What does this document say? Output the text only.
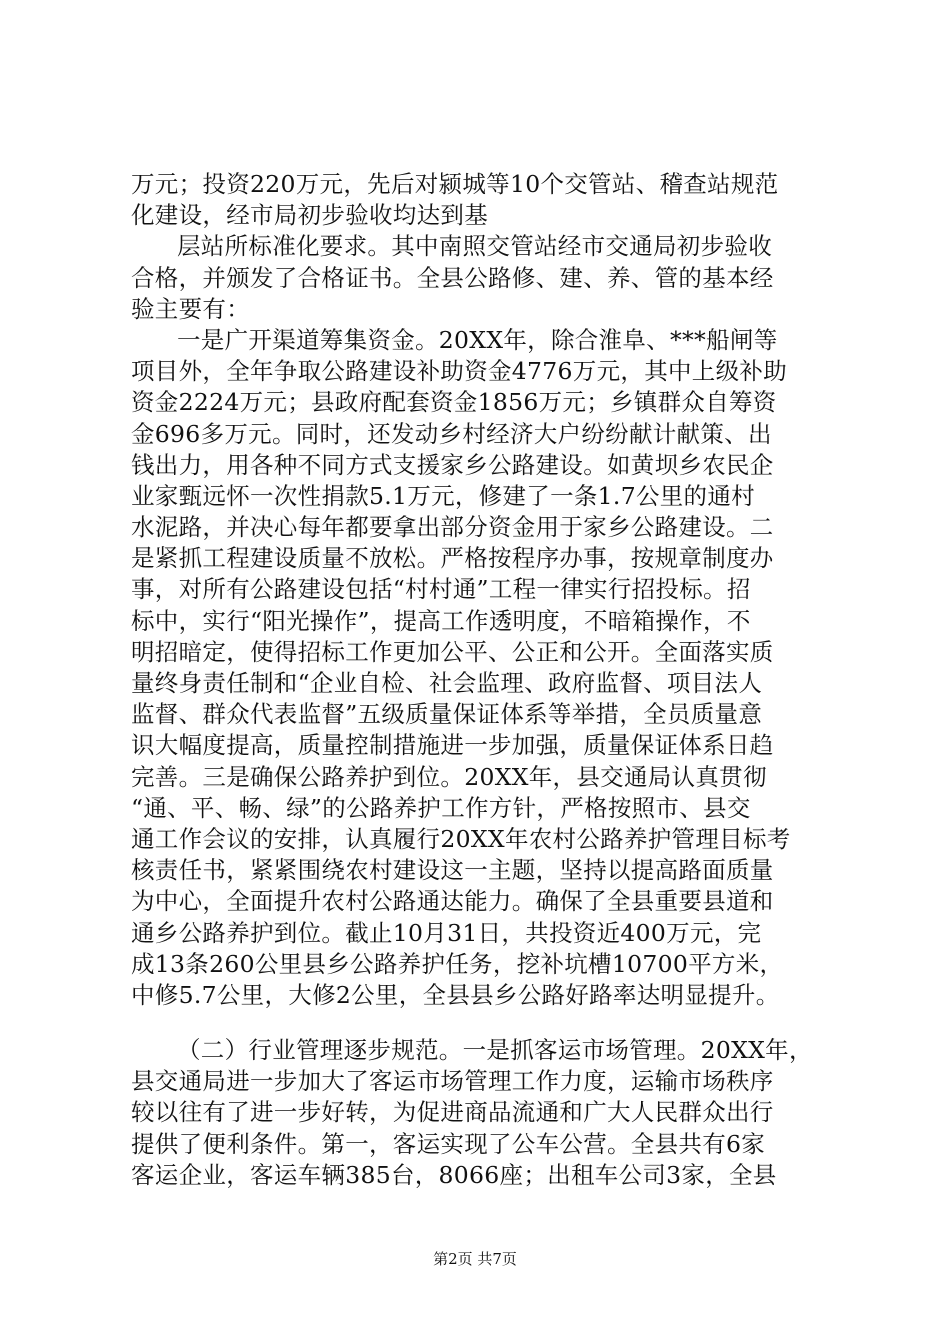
万元；投资220万元，先后对颍城等10个交管站、稽查站规范
化建设，经市局初步验收均达到基
层站所标准化要求。其中南照交管站经市交通局初步验收
合格，并颁发了合格证书。全县公路修、建、养、管的基本经
验主要有：
一是广开渠道筹集资金。20XX年，除合淮阜、***船闸等
项目外，全年争取公路建设补助资金4776万元，其中上级补助
资金2224万元；县政府配套资金1856万元；乡镇群众自筹资
金696多万元。同时，还发动乡村经济大户纷纷献计献策、出
钱出力，用各种不同方式支援家乡公路建设。如黄坝乡农民企
业家甄远怀一次性捐款5.1万元，修建了一条1.7公里的通村
水泥路，并决心每年都要拿出部分资金用于家乡公路建设。二
是紧抓工程建设质量不放松。严格按程序办事，按规章制度办
事，对所有公路建设包括“村村通”工程一律实行招投标。招
标中，实行“阳光操作”，提高工作透明度，不暗箱操作，不
明招暗定，使得招标工作更加公平、公正和公开。全面落实质
量终身责任制和“企业自检、社会监理、政府监督、项目法人
监督、群众代表监督”五级质量保证体系等举措，全员质量意
识大幅度提高，质量控制措施进一步加强，质量保证体系日趋
完善。三是确保公路养护到位。20XX年，县交通局认真贯彻
“通、平、畅、绿”的公路养护工作方针，严格按照市、县交
通工作会议的安排，认真履行20XX年农村公路养护管理目标考
核责任书，紧紧围绕农村建设这一主题，坚持以提高路面质量
为中心，全面提升农村公路通达能力。确保了全县重要县道和
通乡公路养护到位。截止10月31日，共投资近400万元，完
成13条260公里县乡公路养护任务，挖补坑槽10700平方米，
中修5.7公里，大修2公里，全县县乡公路好路率达明显提升。
（二）行业管理逐步规范。一是抓客运市场管理。20XX年，
县交通局进一步加大了客运市场管理工作力度，运输市场秩序
较以往有了进一步好转，为促进商品流通和广大人民群众出行
提供了便利条件。第一，客运实现了公车公营。全县共有6家
客运企业，客运车辆385台，8066座；出租车公司3家，全县
第2页 共7页
